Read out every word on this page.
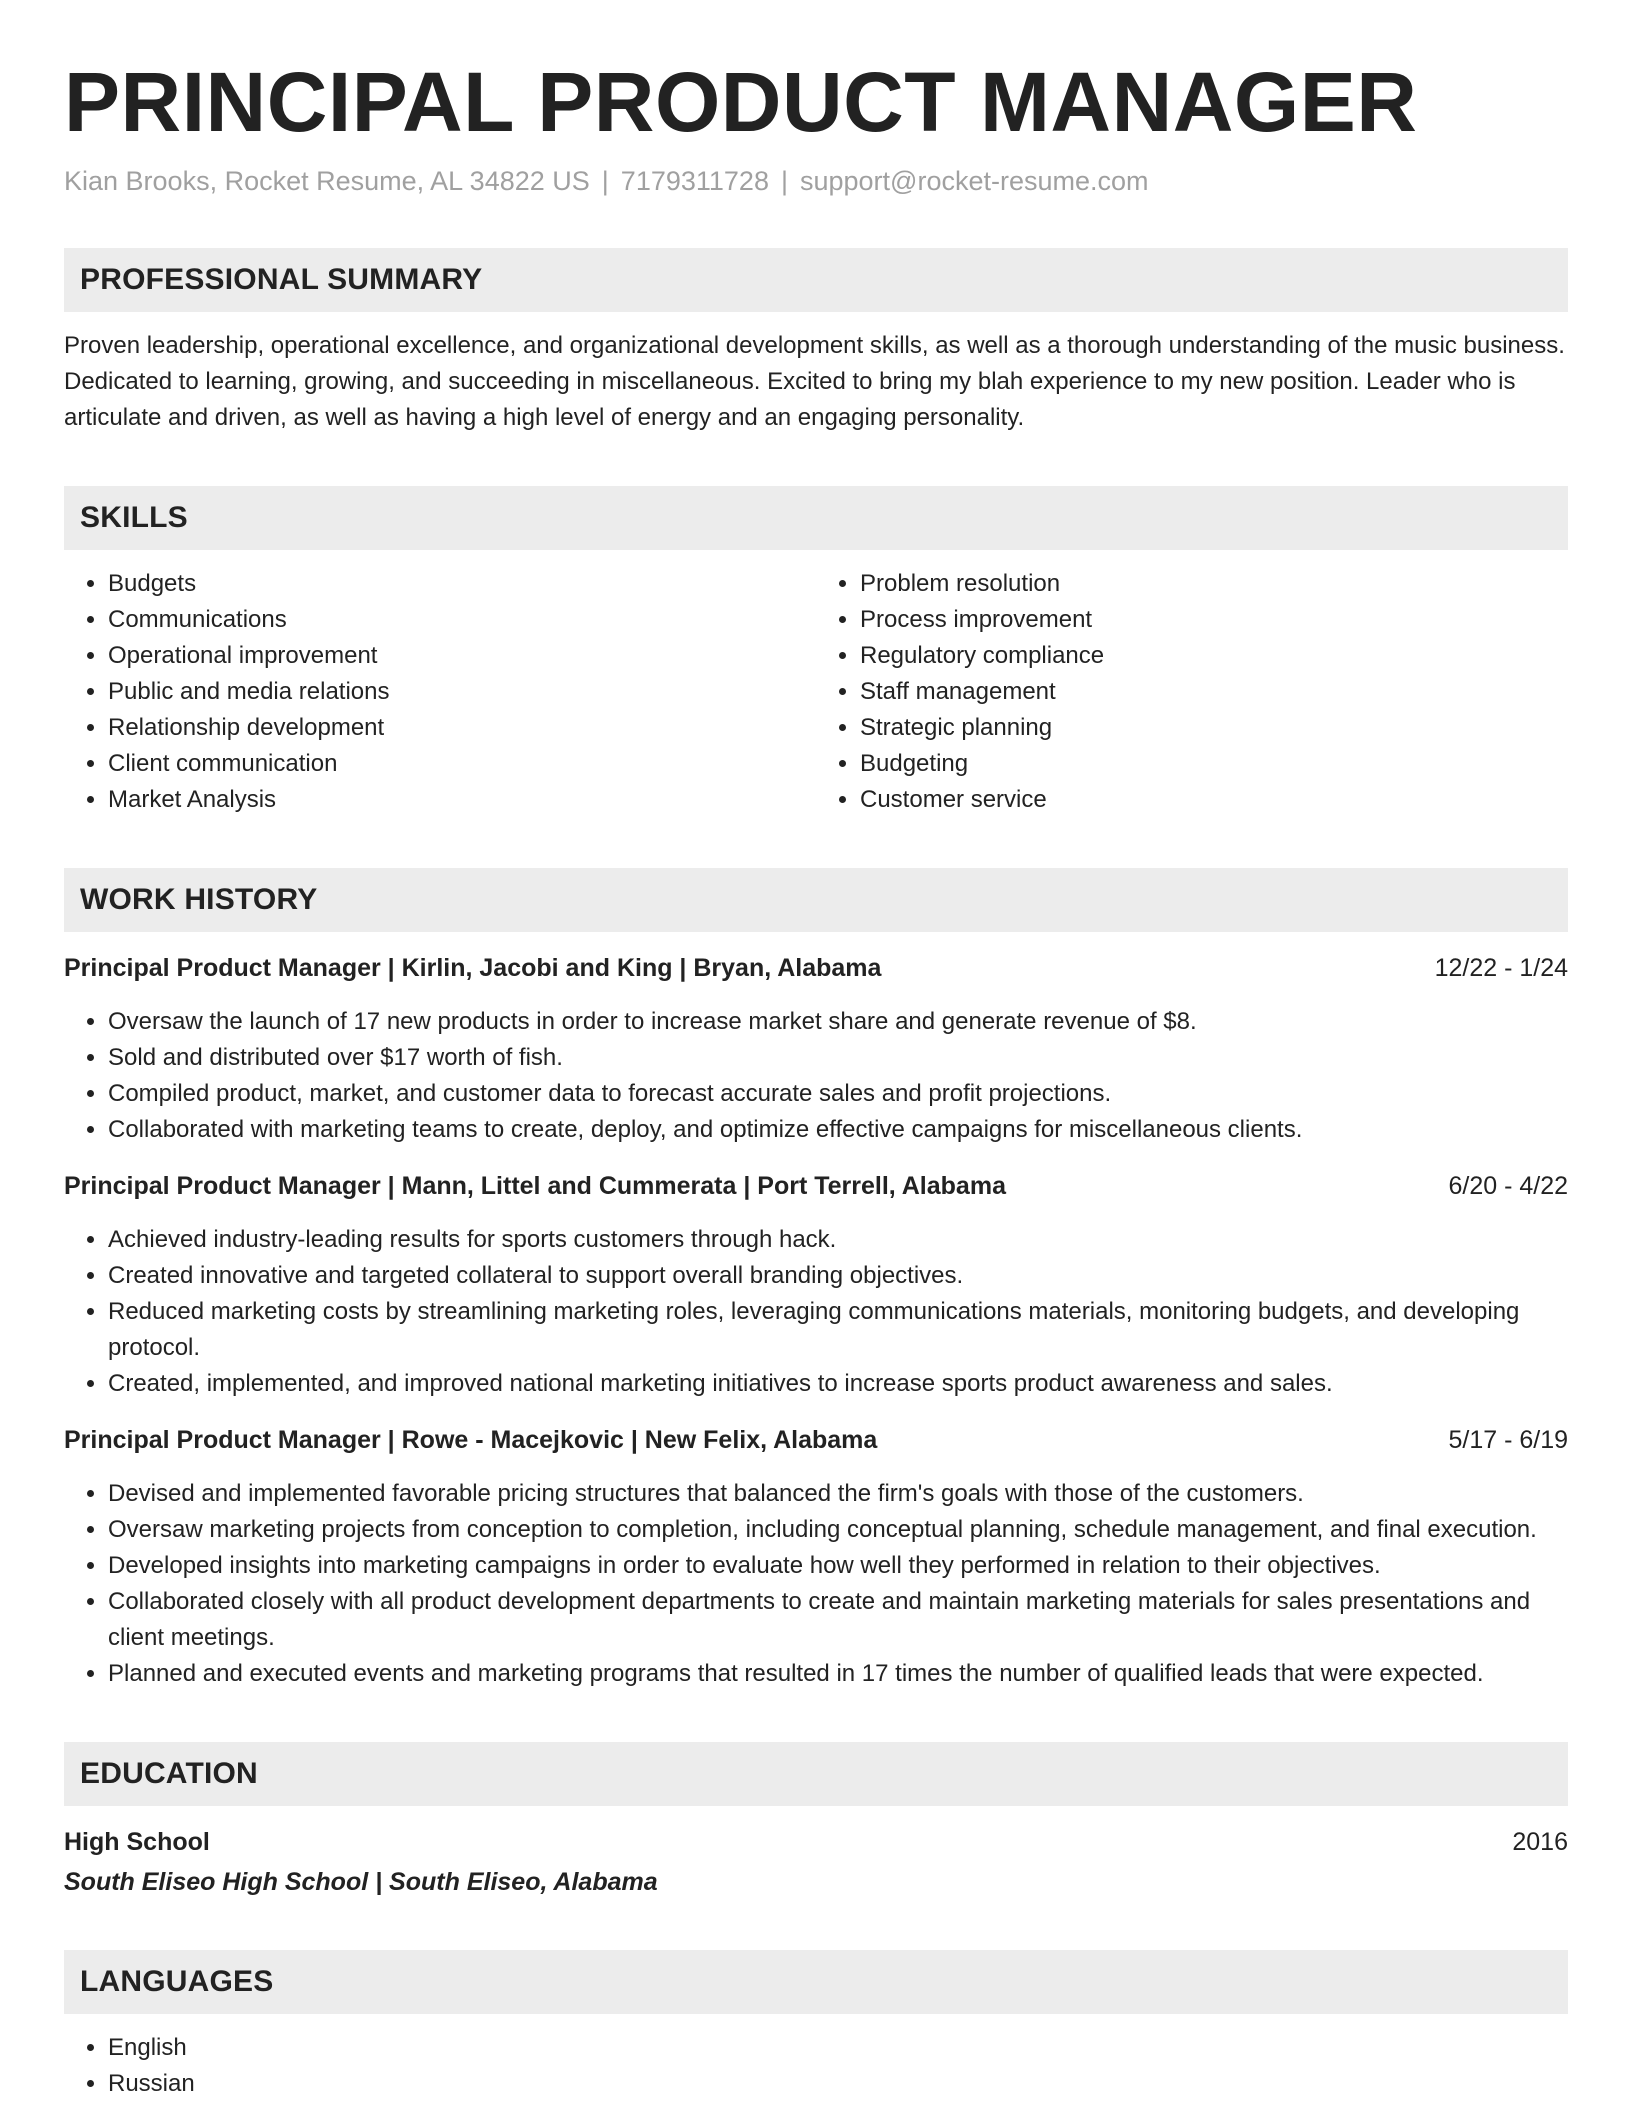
PRINCIPAL PRODUCT MANAGER
Kian Brooks, Rocket Resume, AL 34822 US | 7179311728 | support@rocket-resume.com
PROFESSIONAL SUMMARY
Proven leadership, operational excellence, and organizational development skills, as well as a thorough understanding of the music business. Dedicated to learning, growing, and succeeding in miscellaneous. Excited to bring my blah experience to my new position. Leader who is articulate and driven, as well as having a high level of energy and an engaging personality.
SKILLS
• Budgets
• Communications
• Operational improvement
• Public and media relations
• Relationship development
• Client communication
• Market Analysis
• Problem resolution
• Process improvement
• Regulatory compliance
• Staff management
• Strategic planning
• Budgeting
• Customer service
WORK HISTORY
Principal Product Manager | Kirlin, Jacobi and King | Bryan, Alabama	12/22 - 1/24
• Oversaw the launch of 17 new products in order to increase market share and generate revenue of $8.
• Sold and distributed over $17 worth of fish.
• Compiled product, market, and customer data to forecast accurate sales and profit projections.
• Collaborated with marketing teams to create, deploy, and optimize effective campaigns for miscellaneous clients.
Principal Product Manager | Mann, Littel and Cummerata | Port Terrell, Alabama	6/20 - 4/22
• Achieved industry-leading results for sports customers through hack.
• Created innovative and targeted collateral to support overall branding objectives.
• Reduced marketing costs by streamlining marketing roles, leveraging communications materials, monitoring budgets, and developing protocol.
• Created, implemented, and improved national marketing initiatives to increase sports product awareness and sales.
Principal Product Manager | Rowe - Macejkovic | New Felix, Alabama	5/17 - 6/19
• Devised and implemented favorable pricing structures that balanced the firm's goals with those of the customers.
• Oversaw marketing projects from conception to completion, including conceptual planning, schedule management, and final execution.
• Developed insights into marketing campaigns in order to evaluate how well they performed in relation to their objectives.
• Collaborated closely with all product development departments to create and maintain marketing materials for sales presentations and client meetings.
• Planned and executed events and marketing programs that resulted in 17 times the number of qualified leads that were expected.
EDUCATION
High School	2016
South Eliseo High School | South Eliseo, Alabama
LANGUAGES
• English
• Russian
